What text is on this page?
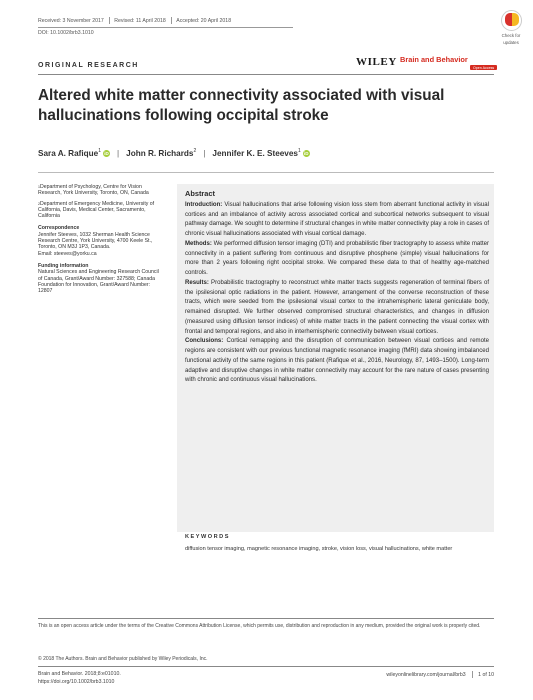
Received: 3 November 2017 Revised: 11 April 2018 Accepted: 20 April 2018
DOI: 10.1002/brb3.1010	Check for
updates
ORIGINAL RESEARCH	WILEY Brain and Behavior
Open Access
Altered white matter connectivity associated with visual hallucinations following occipital stroke
Sara A. Rafique$^1$ iD | John R. Richards$^2$ | Jennifer K. E. Steeves$^1$ iD

$^1$Department of Psychology, Centre for Vision Research, York University, Toronto, ON, Canada

$^2$Department of Emergency Medicine, University of California, Davis, Medical Center, Sacramento, California

Correspondence

Jennifer Steeves, 1032 Sherman Health Science Research Centre, York University, 4700 Keele St., Toronto, ON M3J 1P3, Canada.

Email: steeves@yorku.ca

Funding information

Natural Sciences and Engineering Research Council of Canada, Grant/Award Number: 327588; Canada Foundation for Innovation, Grant/Award Number: 12807

Abstract

Introduction: Visual hallucinations that arise following vision loss stem from aberrant functional activity in visual cortices and an imbalance of activity across associated cortical and subcortical networks subsequent to visual pathway damage. We sought to determine if structural changes in white matter connectivity play a role in cases of chronic visual hallucinations associated with visual cortical damage.

Methods: We performed diffusion tensor imaging (DTI) and probabilistic fiber tractography to assess white matter connectivity in a patient suffering from continuous and disruptive phosphene (simple) visual hallucinations for more than 2 years following right occipital stroke. We compared these data to that of healthy age‐matched controls.

Results: Probabilistic tractography to reconstruct white matter tracts suggests regeneration of terminal fibers of the ipsilesional optic radiations in the patient. However, arrangement of the converse reconstruction of these tracts, which were seeded from the ipsilesional visual cortex to the intrahemispheric lateral geniculate body, remained disrupted. We further observed compromised structural characteristics, and changes in diffusion (measured using diffusion tensor indices) of white matter tracts in the patient connecting the visual cortex with frontal and temporal regions, and also in interhemispheric connectivity between visual cortices.

Conclusions: Cortical remapping and the disruption of communication between visual cortices and remote regions are consistent with our previous functional magnetic resonance imaging (fMRI) data showing imbalanced functional activity of the same regions in this patient (Rafique et al., 2016, Neurology, 87, 1493–1500). Long‐term adaptive and disruptive changes in white matter connectivity may account for the rare nature of cases presenting with chronic and continuous visual hallucinations.

KEYWORDS
diffusion tensor imaging, magnetic resonance imaging, stroke, vision loss, visual hallucinations, white matter
This is an open access article under the terms of the Creative Commons Attribution License, which permits use, distribution and reproduction in any medium, provided the original work is properly cited.
© 2018 The Authors. Brain and Behavior published by Wiley Periodicals, Inc.
Brain and Behavior. 2018;8:e01010.
https://doi.org/10.1002/brb3.1010
wileyonlinelibrary.com/journal/brb3 1 of 10
